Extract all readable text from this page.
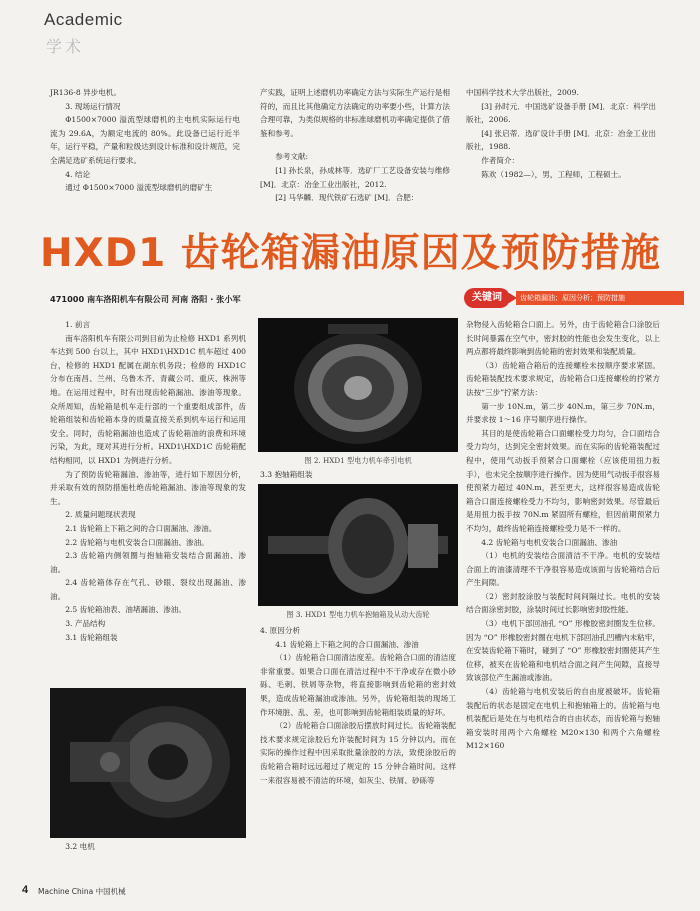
Academic
学术

JR136-8 异步电机。

3. 现场运行情况

Φ1500×7000 溢流型球磨机的主电机实际运行电流为 29.6A，为额定电流的 80%。此设备已运行近半年，运行平稳，产量和粒级达到设计标准和设计规范，完全满足选矿系统运行要求。

4. 结论

通过 Φ1500×7000 溢流型球磨机的磨矿生

产实践，证明上述磨机功率确定方法与实际生产运行是相符的，而且比其他确定方法确定的功率要小些，计算方法合理可靠，为类似规格的非标准球磨机功率确定提供了借鉴和参考。

参考文献:

[1] 孙长泉，孙成林等．选矿厂工艺设备安装与维修 [M]．北京：冶金工业出版社，2012.

[2] 马华麟．现代铁矿石选矿 [M]．合肥：

中国科学技术大学出版社，2009.

[3] 孙时元．中国选矿设备手册 [M]．北京：科学出版社，2006.

[4] 张启蒂．选矿设计手册 [M]．北京：冶金工业出版社，1988.

作者简介：

陈欢（1982—），男，工程师，工程硕士。

HXD1 齿轮箱漏油原因及预防措施
471000 南车洛阳机车有限公司 河南 洛阳 · 张小军	关键词	齿轮箱漏油；原因分析；预防措施

1. 前言

南车洛阳机车有限公司到目前为止检修 HXD1 系列机车达到 500 台以上，其中 HXD1\HXD1C 机车超过 400 台，检修的 HXD1 配属在湖东机务段；检修的 HXD1C 分布在南昌、兰州、乌鲁木齐、青藏公司、重庆、株洲等地。在运用过程中，时有出现齿轮箱漏油、渗油等现象。众所周知，齿轮箱是机车走行部的一个重要组成部件，齿轮箱组装和齿轮箱本身的质量直接关系到机车运行和运用安全。同时，齿轮箱漏油也造成了齿轮箱油的浪费和环境污染，为此，现对其进行分析。HXD1\HXD1C 齿轮箱配结构相同，以 HXD1 为例进行分析。

为了预防齿轮箱漏油、渗油等，进行如下原因分析，并采取有效的预防措施杜绝齿轮箱漏油、渗油等现象的发生。

2. 质量问题现状表现

2.1 齿轮箱上下箱之间的合口面漏油、渗油。

2.2 齿轮箱与电机安装合口面漏油、渗油。

2.3 齿轮箱内侧领圈与抱轴箱安装结合面漏油、渗油。

2.4 齿轮箱体存在气孔、砂眼、裂纹出现漏油、渗油。

2.5 齿轮箱油表、油堵漏油、渗油。

3. 产品结构

3.1 齿轮箱组装

3.2 电机

图 2. HXD1 型电力机车牵引电机

3.3 抱轴箱组装

图 3. HXD1 型电力机车抱轴箱及从动大齿轮

4. 原因分析

4.1 齿轮箱上下箱之间的合口面漏油、渗油

（1）齿轮箱合口面清洁度差。齿轮箱合口面的清洁度非常重要。如果合口面在清洁过程中不干净或存在微小砂砾、毛刺、铁屑等杂物，将直接影响到齿轮箱的密封效果，造成齿轮箱漏油或渗油。另外，齿轮箱组装的现场工作环境脏、乱、差，也可影响到齿轮箱组装质量的好坏。

（2）齿轮箱合口面涂胶后摆放时间过长。齿轮箱装配技术要求规定涂胶后允许装配时间为 15 分钟以内。而在实际的操作过程中因采取批量涂胶的方法，致使涂胶后的齿轮箱合箱时远远超过了规定的 15 分钟合箱时间。这样一来很容易被不清洁的环境，如灰尘、铁屑、砂砾等

杂物侵入齿轮箱合口面上。另外，由于齿轮箱合口涂胶后长时间暴露在空气中，密封胶的性能也会发生变化，以上两点都将最终影响到齿轮箱的密封效果和装配质量。

（3）齿轮箱合箱后的连接螺栓未按顺序要求紧固。齿轮箱装配技术要求规定，齿轮箱合口连接螺栓的拧紧方法按“三步”拧紧方法：

第一步 10N.m，第二步 40N.m，第三步 70N.m，并要求按 1～16 序号顺序进行操作。

其目的是使齿轮箱合口面螺栓受力均匀，合口面结合受力均匀，达到完全密封效果。而在实际的齿轮箱装配过程中，使用气动扳手预紧合口面螺栓（应该使用扭力扳手），也未完全按顺序进行操作。因为使用气动扳手很容易使预紧力超过 40N.m，甚至更大，这样很容易造成齿轮箱合口面连接螺栓受力不均匀，影响密封效果。尽管最后是用扭力扳手按 70N.m 紧固所有螺栓，但因前期预紧力不均匀，最终齿轮箱连接螺栓受力是不一样的。

4.2 齿轮箱与电机安装合口面漏油、渗油

（1）电机的安装结合面清洁不干净。电机的安装结合面上的油漆清理不干净很容易造成该面与齿轮箱结合后产生间隙。

（2）密封胶涂胶与装配时间间隔过长。电机的安装结合面涂密封胶，涂装时间过长影响密封胶性能。

（3）电机下部回油孔 “O” 形橡胶密封圈发生位移。因为 “O” 形橡胶密封圈在电机下部回油孔凹槽内未粘牢，在安装齿轮箱下箱时，碰到了 “O” 形橡胶密封圈使其产生位移，被夹在齿轮箱和电机结合面之间产生间隙，直接导致该部位产生漏油或渗油。

（4）齿轮箱与电机安装后的自由度被破坏。齿轮箱装配后的状态是固定在电机上和抱轴箱上的。齿轮箱与电机装配后是处在与电机结合的自由状态，而齿轮箱与抱轴箱安装时用两个六角螺栓 M20×130 和两个六角螺栓 M12×160

4 Machine China 中国机械
